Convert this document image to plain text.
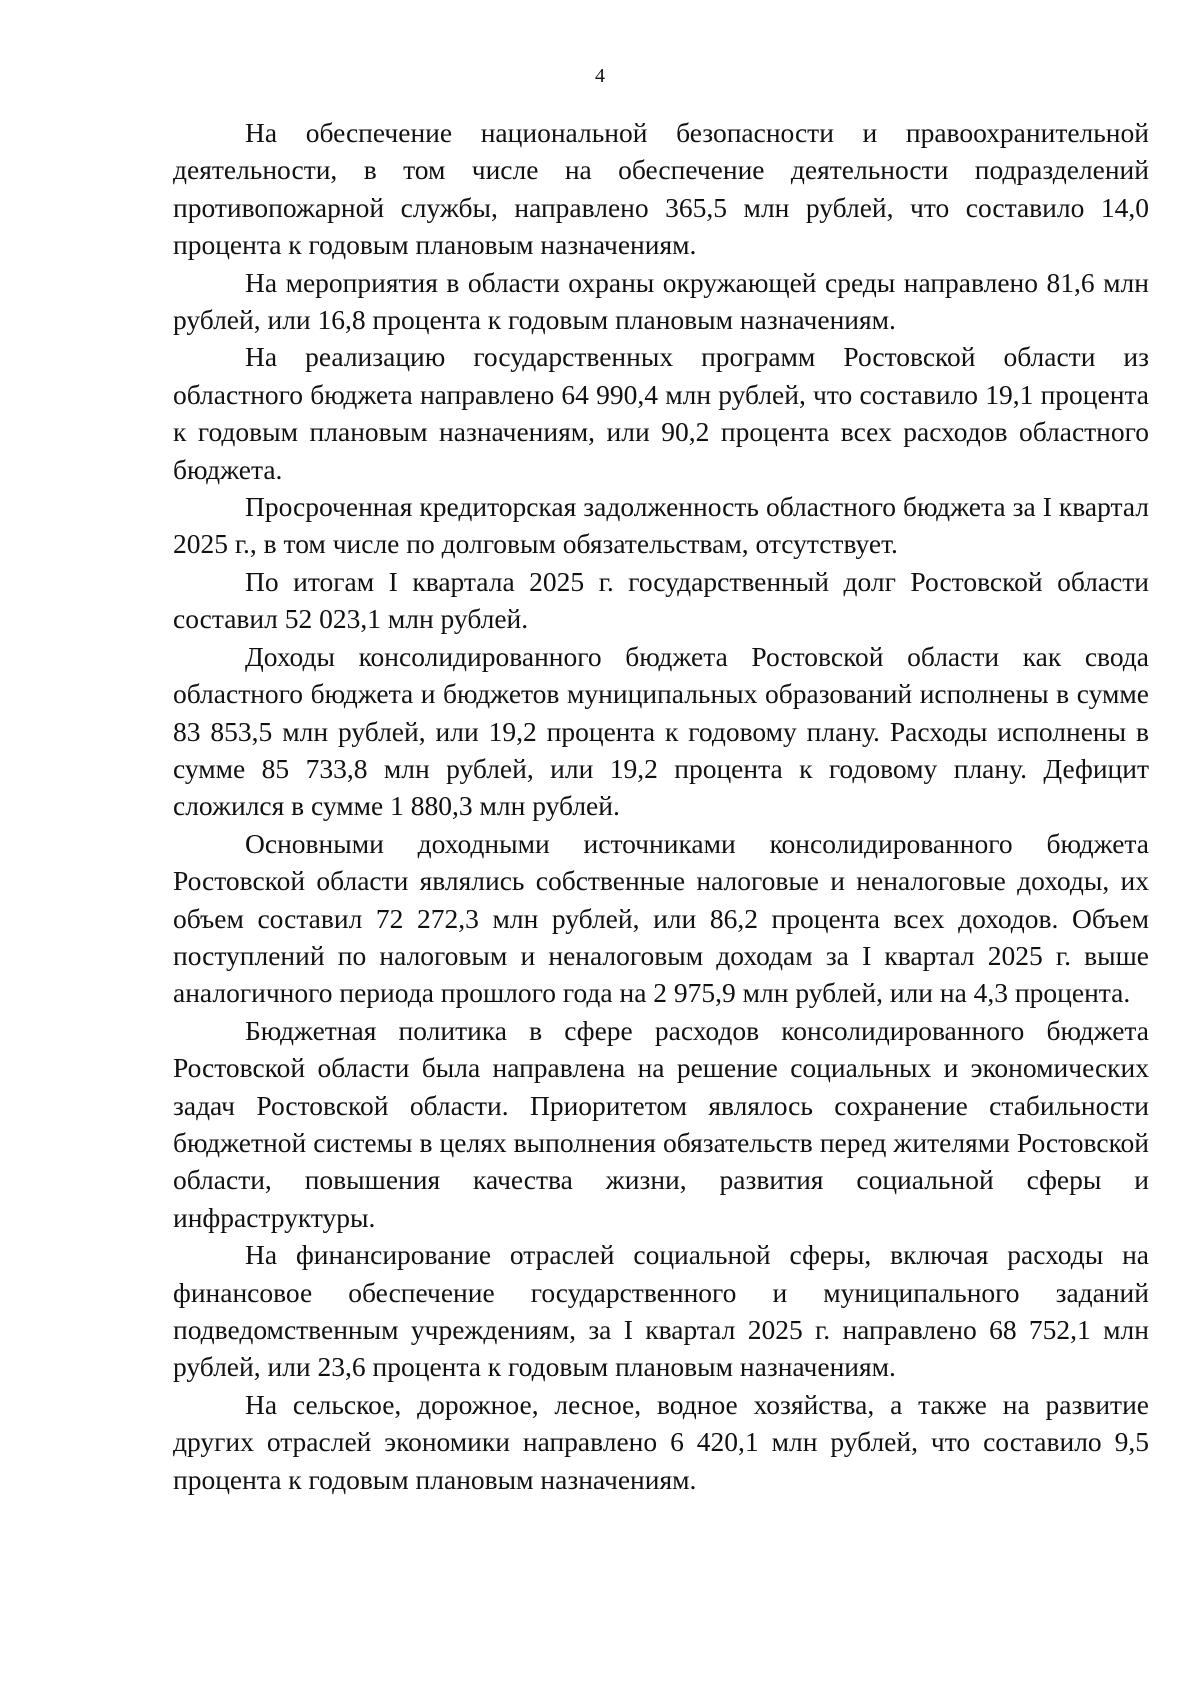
4

На обеспечение национальной безопасности и правоохранительной деятельности, в том числе на обеспечение деятельности подразделений противопожарной службы, направлено 365,5 млн рублей, что составило 14,0 процента к годовым плановым назначениям.

На мероприятия в области охраны окружающей среды направлено 81,6 млн рублей, или 16,8 процента к годовым плановым назначениям.

На реализацию государственных программ Ростовской области из областного бюджета направлено 64 990,4 млн рублей, что составило 19,1 процента к годовым плановым назначениям, или 90,2 процента всех расходов областного бюджета.

Просроченная кредиторская задолженность областного бюджета за I квартал 2025 г., в том числе по долговым обязательствам, отсутствует.

По итогам I квартала 2025 г. государственный долг Ростовской области составил 52 023,1 млн рублей.

Доходы консолидированного бюджета Ростовской области как свода областного бюджета и бюджетов муниципальных образований исполнены в сумме 83 853,5 млн рублей, или 19,2 процента к годовому плану. Расходы исполнены в сумме 85 733,8 млн рублей, или 19,2 процента к годовому плану. Дефицит сложился в сумме 1 880,3 млн рублей.

Основными доходными источниками консолидированного бюджета Ростовской области являлись собственные налоговые и неналоговые доходы, их объем составил 72 272,3 млн рублей, или 86,2 процента всех доходов. Объем поступлений по налоговым и неналоговым доходам за I квартал 2025 г. выше аналогичного периода прошлого года на 2 975,9 млн рублей, или на 4,3 процента.

Бюджетная политика в сфере расходов консолидированного бюджета Ростовской области была направлена на решение социальных и экономических задач Ростовской области. Приоритетом являлось сохранение стабильности бюджетной системы в целях выполнения обязательств перед жителями Ростовской области, повышения качества жизни, развития социальной сферы и инфраструктуры.

На финансирование отраслей социальной сферы, включая расходы на финансовое обеспечение государственного и муниципального заданий подведомственным учреждениям, за I квартал 2025 г. направлено 68 752,1 млн рублей, или 23,6 процента к годовым плановым назначениям.

На сельское, дорожное, лесное, водное хозяйства, а также на развитие других отраслей экономики направлено 6 420,1 млн рублей, что составило 9,5 процента к годовым плановым назначениям.
